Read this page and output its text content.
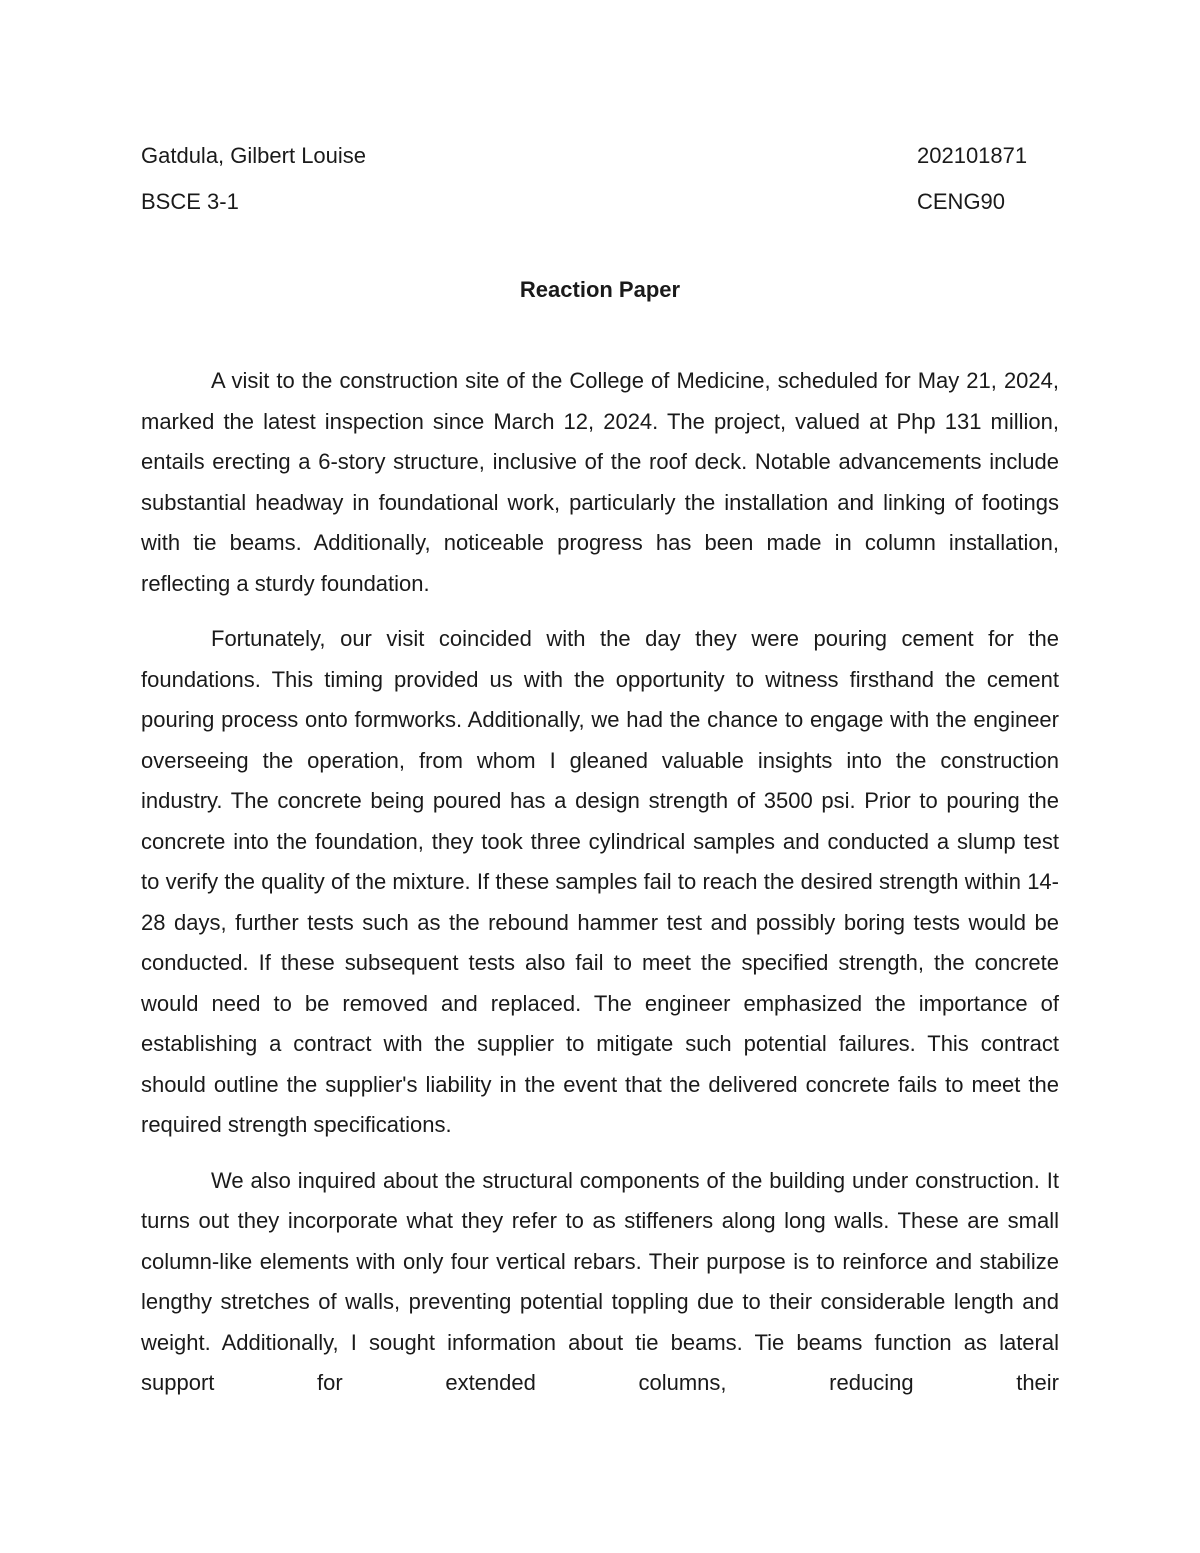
Gatdula, Gilbert Louise	202101871
BSCE 3-1	CENG90
Reaction Paper

A visit to the construction site of the College of Medicine, scheduled for May 21, 2024, marked the latest inspection since March 12, 2024. The project, valued at Php 131 million, entails erecting a 6-story structure, inclusive of the roof deck. Notable advancements include substantial headway in foundational work, particularly the installation and linking of footings with tie beams. Additionally, noticeable progress has been made in column installation, reflecting a sturdy foundation.

Fortunately, our visit coincided with the day they were pouring cement for the foundations. This timing provided us with the opportunity to witness firsthand the cement pouring process onto formworks. Additionally, we had the chance to engage with the engineer overseeing the operation, from whom I gleaned valuable insights into the construction industry. The concrete being poured has a design strength of 3500 psi. Prior to pouring the concrete into the foundation, they took three cylindrical samples and conducted a slump test to verify the quality of the mixture. If these samples fail to reach the desired strength within 14-28 days, further tests such as the rebound hammer test and possibly boring tests would be conducted. If these subsequent tests also fail to meet the specified strength, the concrete would need to be removed and replaced. The engineer emphasized the importance of establishing a contract with the supplier to mitigate such potential failures. This contract should outline the supplier's liability in the event that the delivered concrete fails to meet the required strength specifications.

We also inquired about the structural components of the building under construction. It turns out they incorporate what they refer to as stiffeners along long walls. These are small column-like elements with only four vertical rebars. Their purpose is to reinforce and stabilize lengthy stretches of walls, preventing potential toppling due to their considerable length and weight. Additionally, I sought information about tie beams. Tie beams function as lateral support for extended columns, reducing their
